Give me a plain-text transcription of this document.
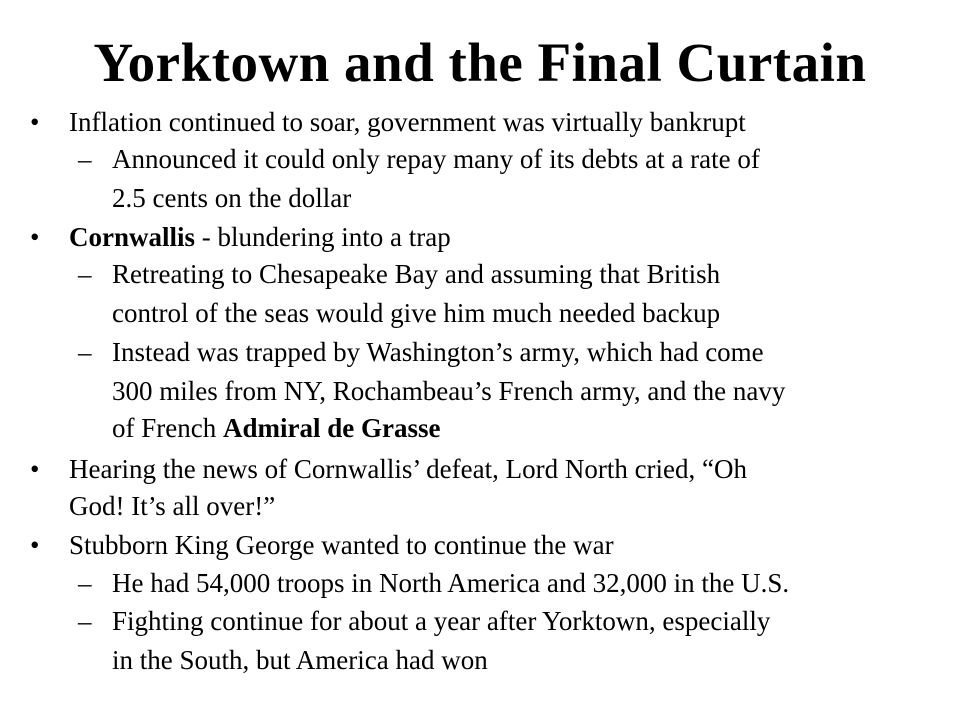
Yorktown and the Final Curtain
• Inflation continued to soar, government was virtually bankrupt
– Announced it could only repay many of its debts at a rate of
2.5 cents on the dollar
• Cornwallis - blundering into a trap
– Retreating to Chesapeake Bay and assuming that British
control of the seas would give him much needed backup
– Instead was trapped by Washington’s army, which had come
300 miles from NY, Rochambeau’s French army, and the navy
of French Admiral de Grasse
• Hearing the news of Cornwallis’ defeat, Lord North cried, “Oh
God! It’s all over!”
• Stubborn King George wanted to continue the war
– He had 54,000 troops in North America and 32,000 in the U.S.
– Fighting continue for about a year after Yorktown, especially
in the South, but America had won
